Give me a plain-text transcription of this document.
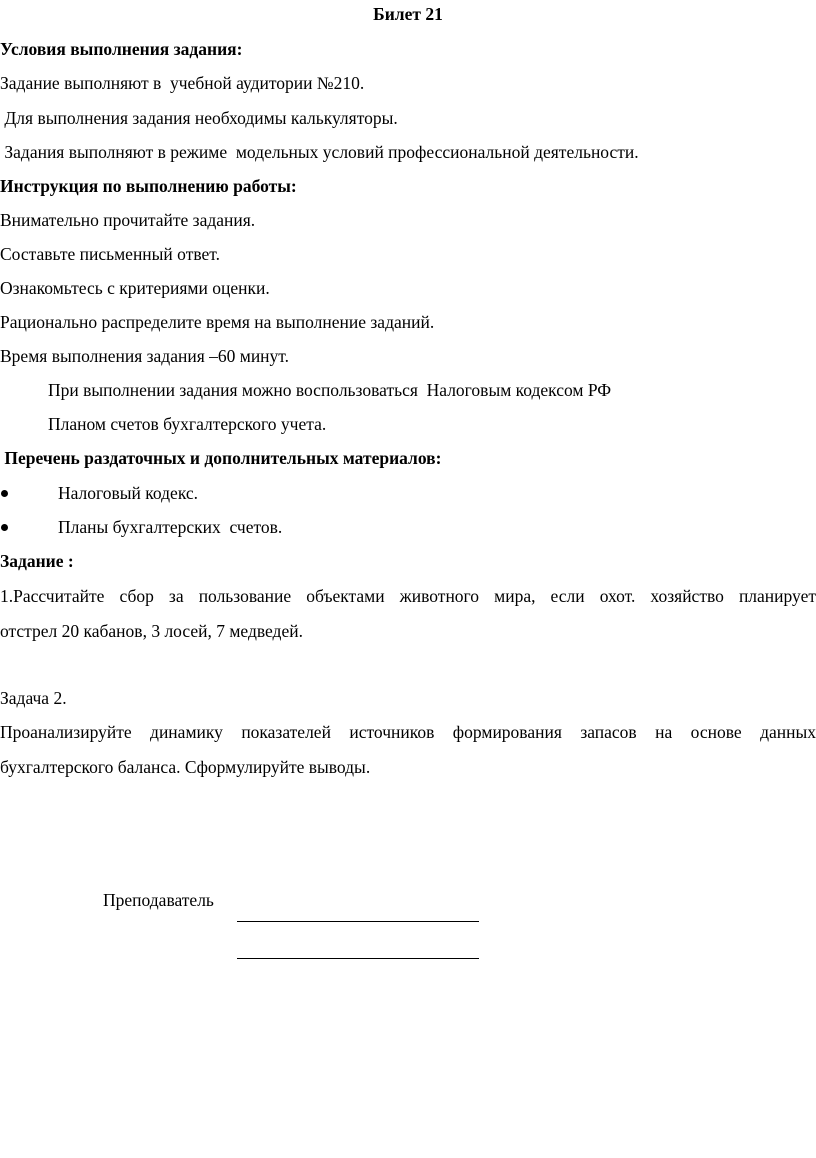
Билет 21
Условия выполнения задания:
Задание выполняют в  учебной аудитории №210.
Для выполнения задания необходимы калькуляторы.
Задания выполняют в режиме  модельных условий профессиональной деятельности.
Инструкция по выполнению работы:
Внимательно прочитайте задания.
Составьте письменный ответ.
Ознакомьтесь с критериями оценки.
Рационально распределите время на выполнение заданий.
Время выполнения задания –60 минут.
При выполнении задания можно воспользоваться  Налоговым кодексом РФ
Планом счетов бухгалтерского учета.
Перечень раздаточных и дополнительных материалов:
Налоговый кодекс.
Планы бухгалтерских  счетов.
Задание :
1.Рассчитайте сбор за пользование объектами животного мира, если охот. хозяйство планирует
отстрел 20 кабанов, 3 лосей, 7 медведей.
Задача 2.
Проанализируйте динамику показателей источников формирования запасов на основе данных
бухгалтерского баланса. Сформулируйте выводы.
Преподаватель
